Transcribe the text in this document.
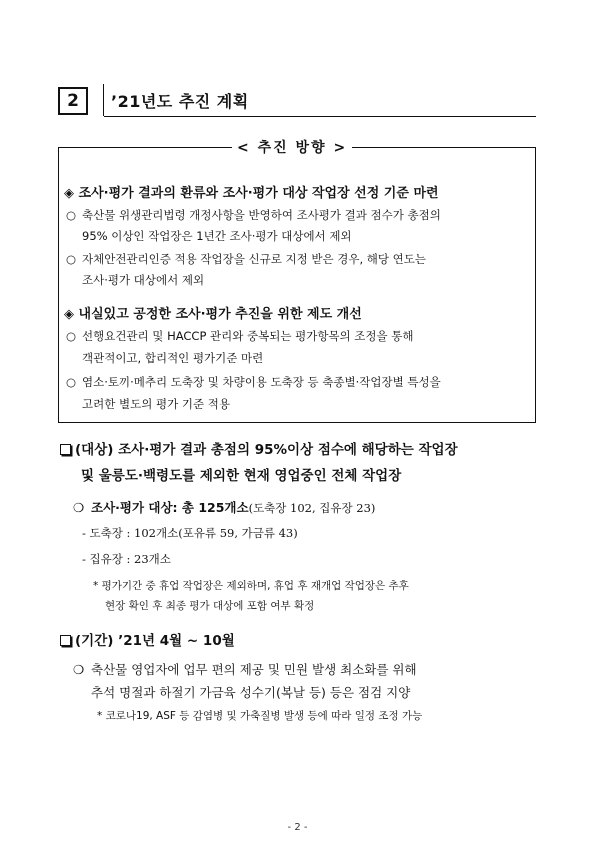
2	’21년도 추진 계획
< 추진 방향 >
◈ 조사·평가 결과의 환류와 조사·평가 대상 작업장 선정 기준 마련
○ 축산물 위생관리법령 개정사항을 반영하여 조사평가 결과 점수가 총점의
95% 이상인 작업장은 1년간 조사·평가 대상에서 제외
○ 자체안전관리인증 적용 작업장을 신규로 지정 받은 경우, 해당 연도는
조사·평가 대상에서 제외
◈ 내실있고 공정한 조사·평가 추진을 위한 제도 개선
○ 선행요건관리 및 HACCP 관리와 중복되는 평가항목의 조정을 통해
객관적이고, 합리적인 평가기준 마련
○ 염소·토끼·메추리 도축장 및 차량이용 도축장 등 축종별·작업장별 특성을
고려한 별도의 평가 기준 적용
(대상) 조사·평가 결과 총점의 95%이상 점수에 해당하는 작업장
및 울릉도·백령도를 제외한 현재 영업중인 전체 작업장
❍ 조사·평가 대상: 총 125개소(도축장 102, 집유장 23)
- 도축장 : 102개소(포유류 59, 가금류 43)
- 집유장 : 23개소
* 평가기간 중 휴업 작업장은 제외하며, 휴업 후 재개업 작업장은 추후
현장 확인 후 최종 평가 대상에 포함 여부 확정
(기간) ’21년 4월 ~ 10월
❍ 축산물 영업자에 업무 편의 제공 및 민원 발생 최소화를 위해
추석 명절과 하절기 가금육 성수기(복날 등) 등은 점검 지양
* 코로나19, ASF 등 감염병 및 가축질병 발생 등에 따라 일정 조정 가능
- 2 -
